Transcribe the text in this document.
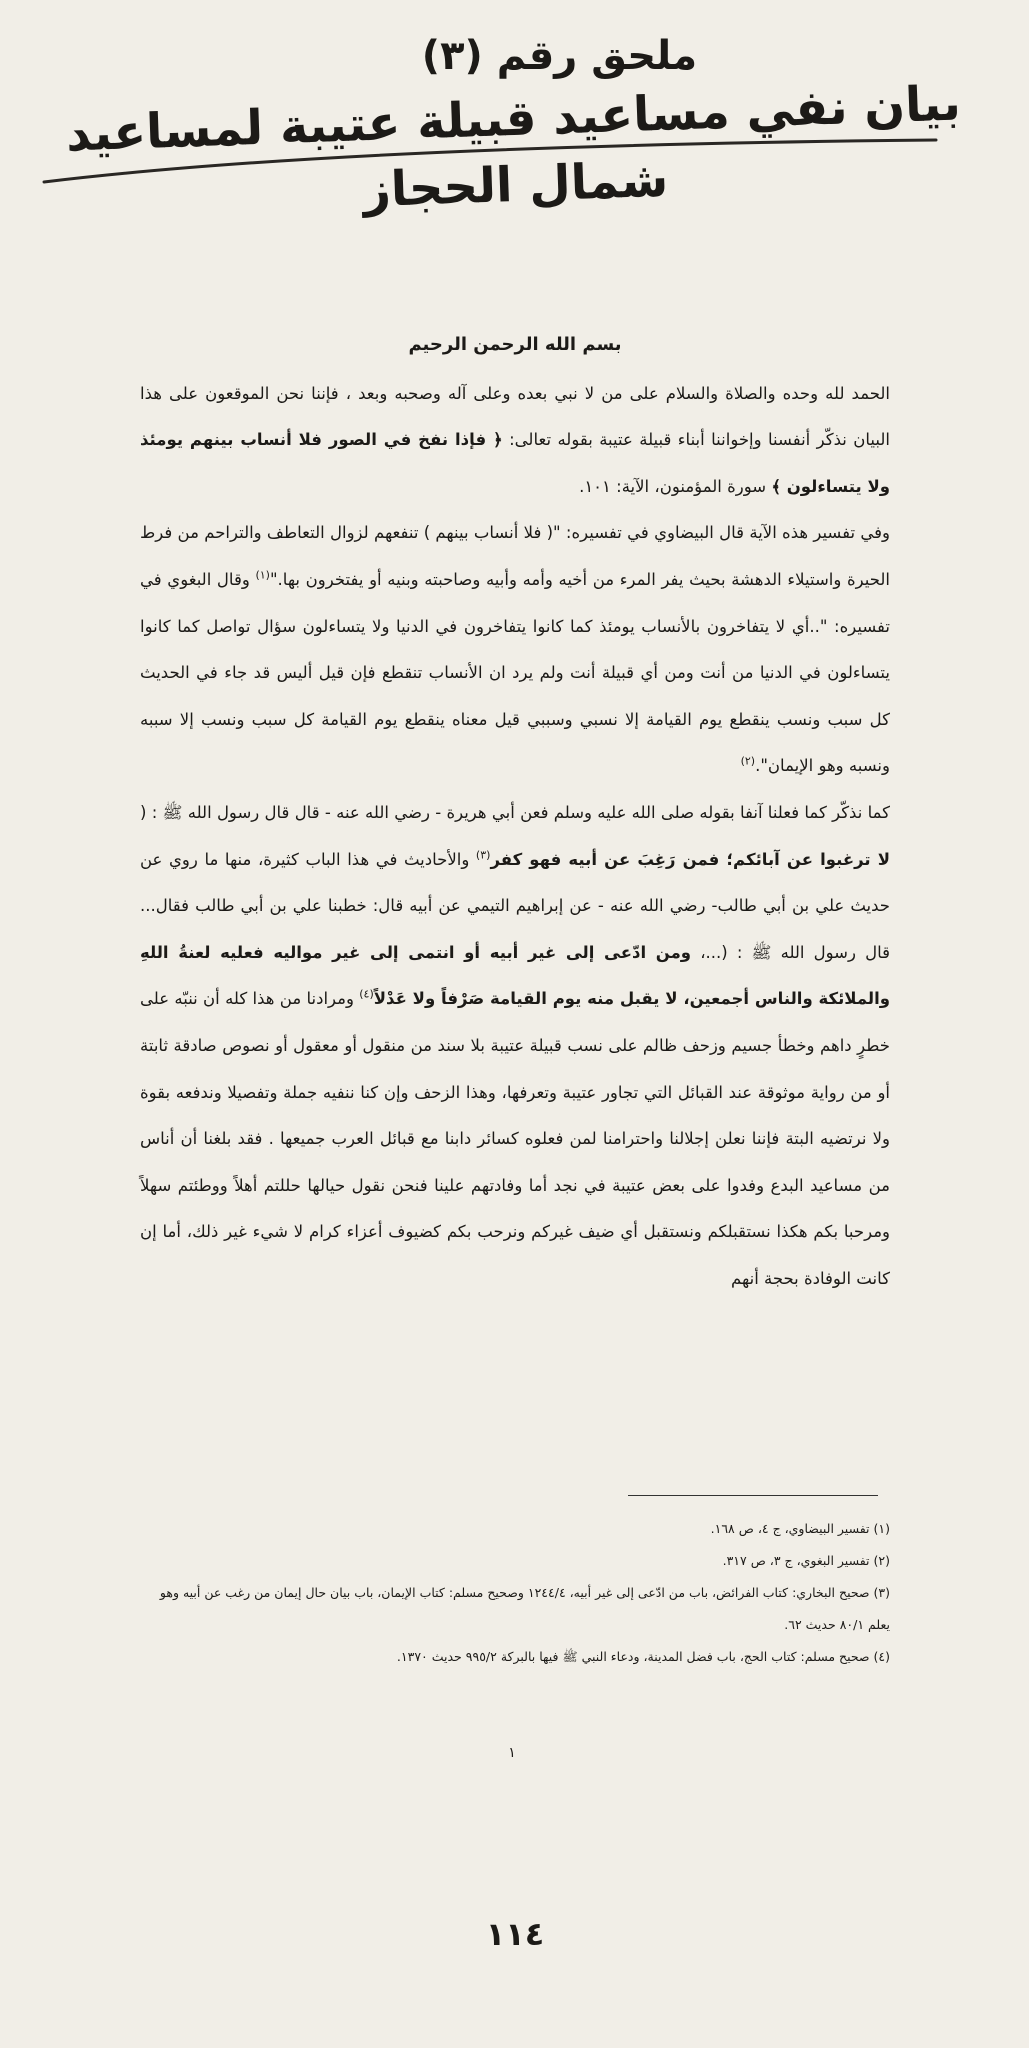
ملحق رقم (٣)
بيان نفي مساعيد قبيلة عتيبة لمساعيد شمال الحجاز
بسم الله الرحمن الرحيم

الحمد لله وحده والصلاة والسلام على من لا نبي بعده وعلى آله وصحبه وبعد ، فإننا نحن الموقعون على هذا البيان نذكّر أنفسنا وإخواننا أبناء قبيلة عتيبة بقوله تعالى: ﴿ فإذا نفخ في الصور فلا أنساب بينهم يومئذ ولا يتساءلون ﴾ سورة المؤمنون، الآية: ١٠١.

وفي تفسير هذه الآية قال البيضاوي في تفسيره: "( فلا أنساب بينهم ) تنفعهم لزوال التعاطف والتراحم من فرط الحيرة واستيلاء الدهشة بحيث يفر المرء من أخيه وأمه وأبيه وصاحبته وبنيه أو يفتخرون بها."$^{(١)}$ وقال البغوي في تفسيره: "..أي لا يتفاخرون بالأنساب يومئذ كما كانوا يتفاخرون في الدنيا ولا يتساءلون سؤال تواصل كما كانوا يتساءلون في الدنيا من أنت ومن أي قبيلة أنت ولم يرد ان الأنساب تنقطع فإن قيل أليس قد جاء في الحديث كل سبب ونسب ينقطع يوم القيامة إلا نسبي وسببي قيل معناه ينقطع يوم القيامة كل سبب ونسب إلا سببه ونسبه وهو الإيمان".$^{(٢)}$

كما نذكّر كما فعلنا آنفا بقوله صلى الله عليه وسلم فعن أبي هريرة - رضي الله عنه - قال قال رسول الله ﷺ : ( لا ترغبوا عن آبائكم؛ فمن رَغِبَ عن أبيه فهو كفر$^{(٣)}$ والأحاديث في هذا الباب كثيرة، منها ما روي عن حديث علي بن أبي طالب- رضي الله عنه - عن إبراهيم التيمي عن أبيه قال: خطبنا علي بن أبي طالب فقال... قال رسول الله ﷺ : (...، ومن ادّعى إلى غير أبيه أو انتمى إلى غير مواليه فعليه لعنةُ اللهِ والملائكة والناس أجمعين، لا يقبل منه يوم القيامة صَرْفاً ولا عَدْلاً$^{(٤)}$ ومرادنا من هذا كله أن ننبّه على خطرٍ داهم وخطأ جسيم وزحف ظالم على نسب قبيلة عتيبة بلا سند من منقول أو معقول أو نصوص صادقة ثابتة أو من رواية موثوقة عند القبائل التي تجاور عتيبة وتعرفها، وهذا الزحف وإن كنا ننفيه جملة وتفصيلا وندفعه بقوة ولا نرتضيه البتة فإننا نعلن إجلالنا واحترامنا لمن فعلوه كسائر دابنا مع قبائل العرب جميعها . فقد بلغنا أن أناس من مساعيد البدع وفدوا على بعض عتيبة في نجد أما وفادتهم علينا فنحن نقول حيالها حللتم أهلاً ووطئتم سهلاً ومرحبا بكم هكذا نستقبلكم ونستقبل أي ضيف غيركم ونرحب بكم كضيوف أعزاء كرام لا شيء غير ذلك، أما إن كانت الوفادة بحجة أنهم

(١) تفسير البيضاوي، ج ٤، ص ١٦٨.
(٢) تفسير البغوي، ج ٣، ص ٣١٧.
(٣) صحيح البخاري: كتاب الفرائض، باب من ادّعى إلى غير أبيه، ١٢٤٤/٤ وصحيح مسلم: كتاب الإيمان، باب بيان حال إيمان من رغب عن أبيه وهو يعلم ٨٠/١ حديث ٦٢.
(٤) صحيح مسلم: كتاب الحج، باب فضل المدينة، ودعاء النبي ﷺ فيها بالبركة ٩٩٥/٢ حديث ١٣٧٠.
١
١١٤
